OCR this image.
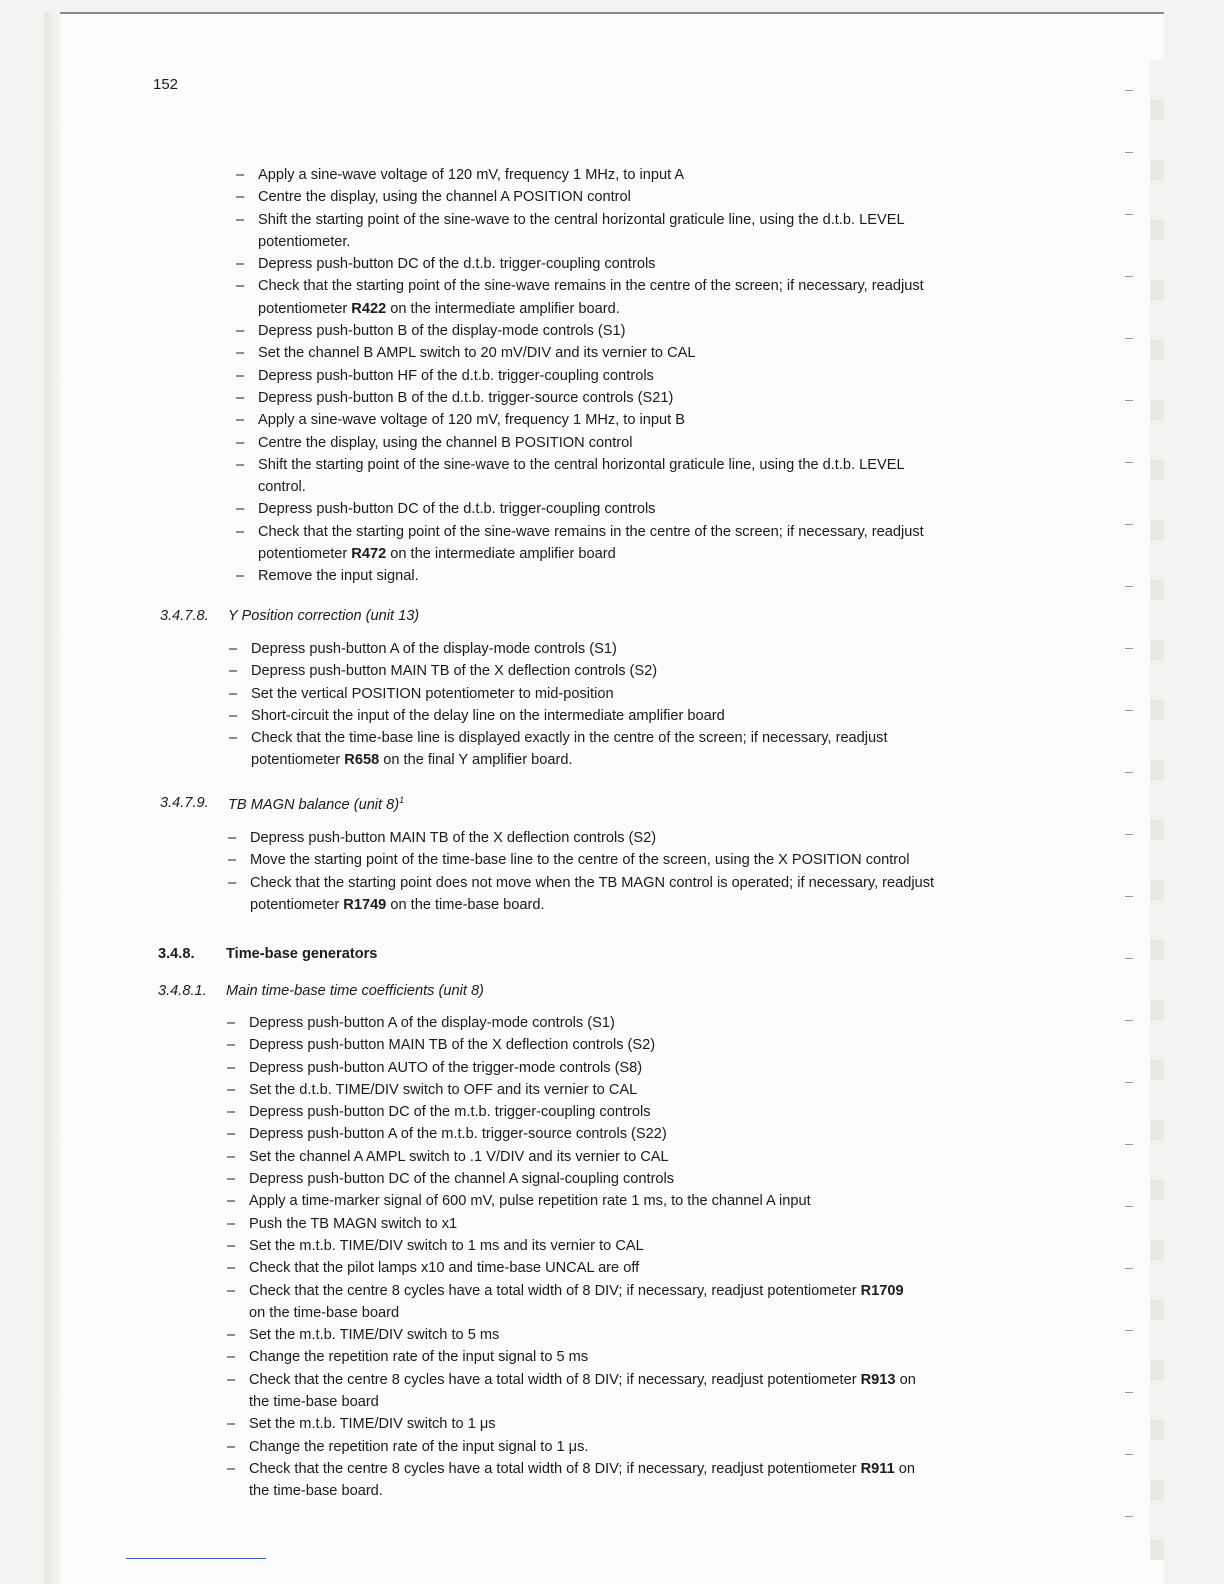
152
– Apply a sine-wave voltage of 120 mV, frequency 1 MHz, to input A
– Centre the display, using the channel A POSITION control
– Shift the starting point of the sine-wave to the central horizontal graticule line, using the d.t.b. LEVEL
potentiometer.
– Depress push-button DC of the d.t.b. trigger-coupling controls
– Check that the starting point of the sine-wave remains in the centre of the screen; if necessary, readjust
potentiometer R422 on the intermediate amplifier board.
– Depress push-button B of the display-mode controls (S1)
– Set the channel B AMPL switch to 20 mV/DIV and its vernier to CAL
– Depress push-button HF of the d.t.b. trigger-coupling controls
– Depress push-button B of the d.t.b. trigger-source controls (S21)
– Apply a sine-wave voltage of 120 mV, frequency 1 MHz, to input B
– Centre the display, using the channel B POSITION control
– Shift the starting point of the sine-wave to the central horizontal graticule line, using the d.t.b. LEVEL
control.
– Depress push-button DC of the d.t.b. trigger-coupling controls
– Check that the starting point of the sine-wave remains in the centre of the screen; if necessary, readjust
potentiometer R472 on the intermediate amplifier board
– Remove the input signal.
3.4.7.8. Y Position correction (unit 13)
– Depress push-button A of the display-mode controls (S1)
– Depress push-button MAIN TB of the X deflection controls (S2)
– Set the vertical POSITION potentiometer to mid-position
– Short-circuit the input of the delay line on the intermediate amplifier board
– Check that the time-base line is displayed exactly in the centre of the screen; if necessary, readjust
potentiometer R658 on the final Y amplifier board.
3.4.7.9. TB MAGN balance (unit 8)$^1$
– Depress push-button MAIN TB of the X deflection controls (S2)
– Move the starting point of the time-base line to the centre of the screen, using the X POSITION control
– Check that the starting point does not move when the TB MAGN control is operated; if necessary, readjust
potentiometer R1749 on the time-base board.
3.4.8. Time-base generators
3.4.8.1. Main time-base time coefficients (unit 8)
– Depress push-button A of the display-mode controls (S1)
– Depress push-button MAIN TB of the X deflection controls (S2)
– Depress push-button AUTO of the trigger-mode controls (S8)
– Set the d.t.b. TIME/DIV switch to OFF and its vernier to CAL
– Depress push-button DC of the m.t.b. trigger-coupling controls
– Depress push-button A of the m.t.b. trigger-source controls (S22)
– Set the channel A AMPL switch to .1 V/DIV and its vernier to CAL
– Depress push-button DC of the channel A signal-coupling controls
– Apply a time-marker signal of 600 mV, pulse repetition rate 1 ms, to the channel A input
– Push the TB MAGN switch to x1
– Set the m.t.b. TIME/DIV switch to 1 ms and its vernier to CAL
– Check that the pilot lamps x10 and time-base UNCAL are off
– Check that the centre 8 cycles have a total width of 8 DIV; if necessary, readjust potentiometer R1709
on the time-base board
– Set the m.t.b. TIME/DIV switch to 5 ms
– Change the repetition rate of the input signal to 5 ms
– Check that the centre 8 cycles have a total width of 8 DIV; if necessary, readjust potentiometer R913 on
the time-base board
– Set the m.t.b. TIME/DIV switch to 1 μs
– Change the repetition rate of the input signal to 1 μs.
– Check that the centre 8 cycles have a total width of 8 DIV; if necessary, readjust potentiometer R911 on
the time-base board.
